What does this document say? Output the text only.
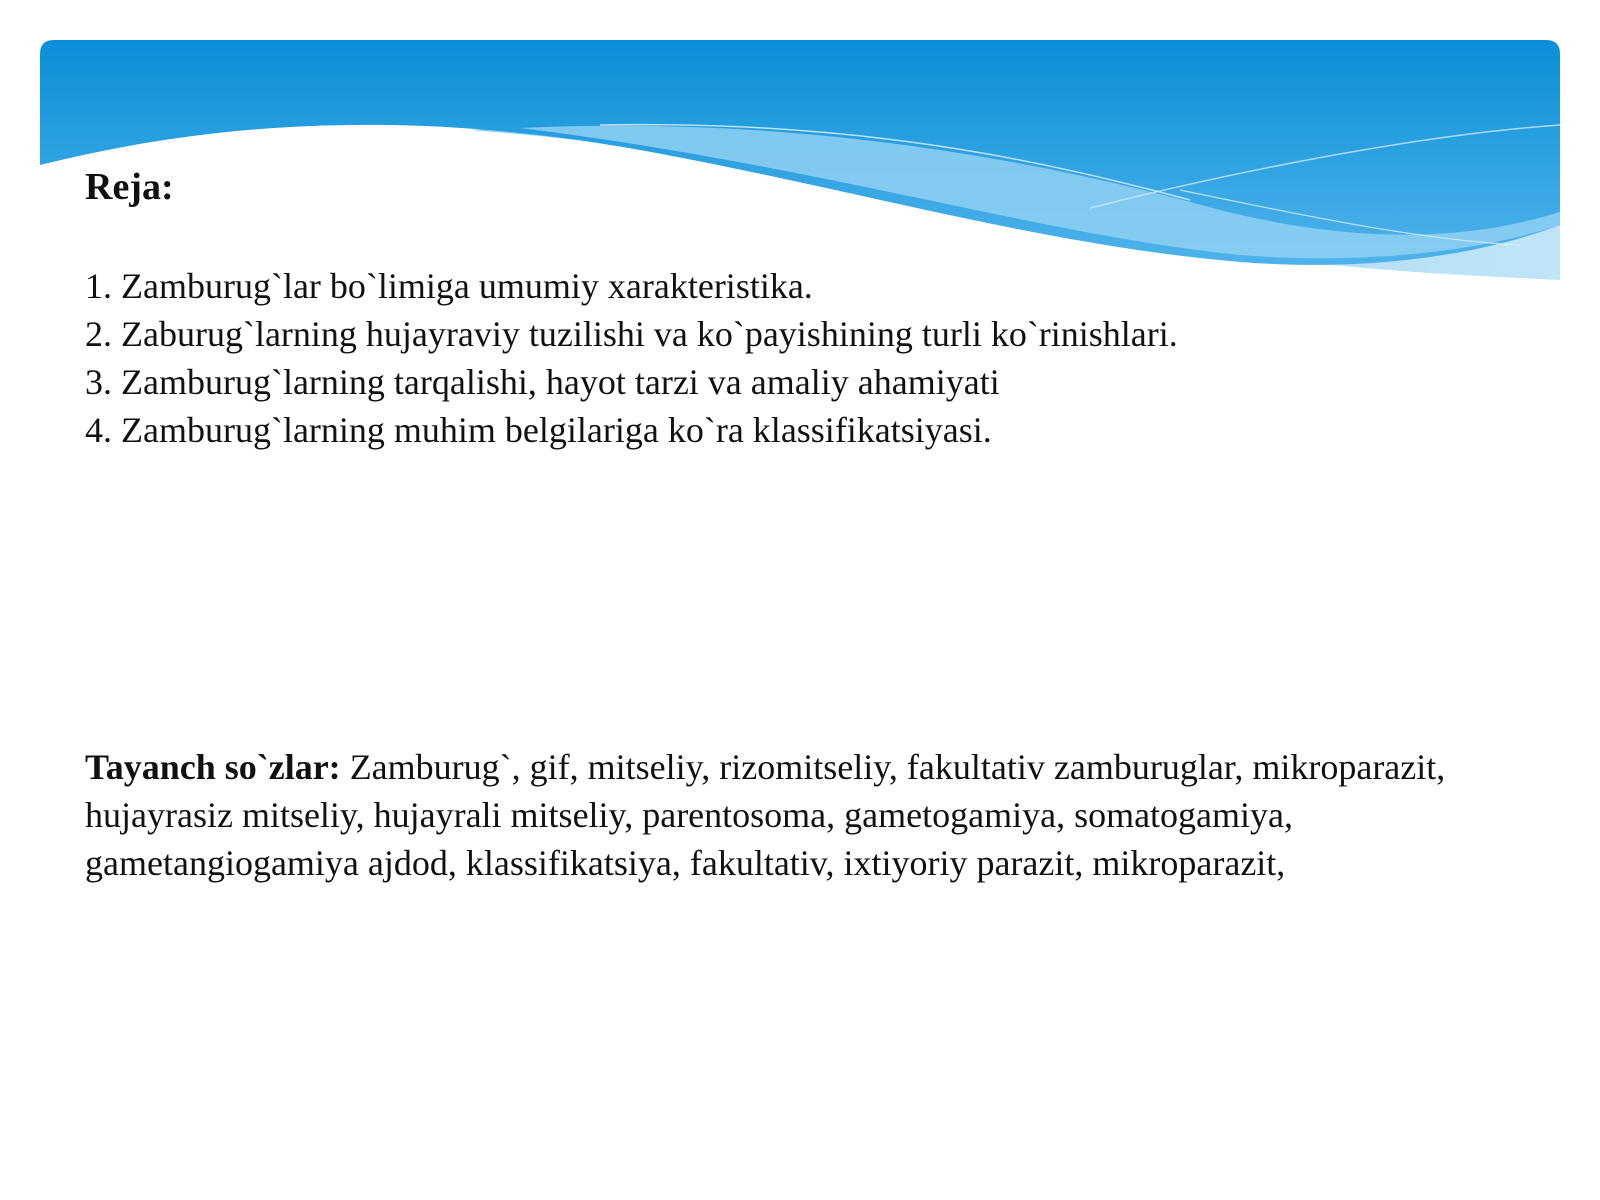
Reja:
1. Zamburug`lar bo`limiga umumiy xarakteristika.
2. Zaburug`larning hujayraviy tuzilishi va ko`payishining turli ko`rinishlari.
3. Zamburug`larning tarqalishi, hayot tarzi va amaliy ahamiyati
4. Zamburug`larning muhim belgilariga ko`ra klassifikatsiyasi.

Tayanch so`zlar: Zamburug`, gif, mitseliy, rizomitseliy, fakultativ zamburuglar, mikroparazit, hujayrasiz mitseliy, hujayrali mitseliy, parentosoma, gametogamiya, somatogamiya, gametangiogamiya ajdod, klassifikatsiya, fakultativ, ixtiyoriy parazit, mikroparazit,
